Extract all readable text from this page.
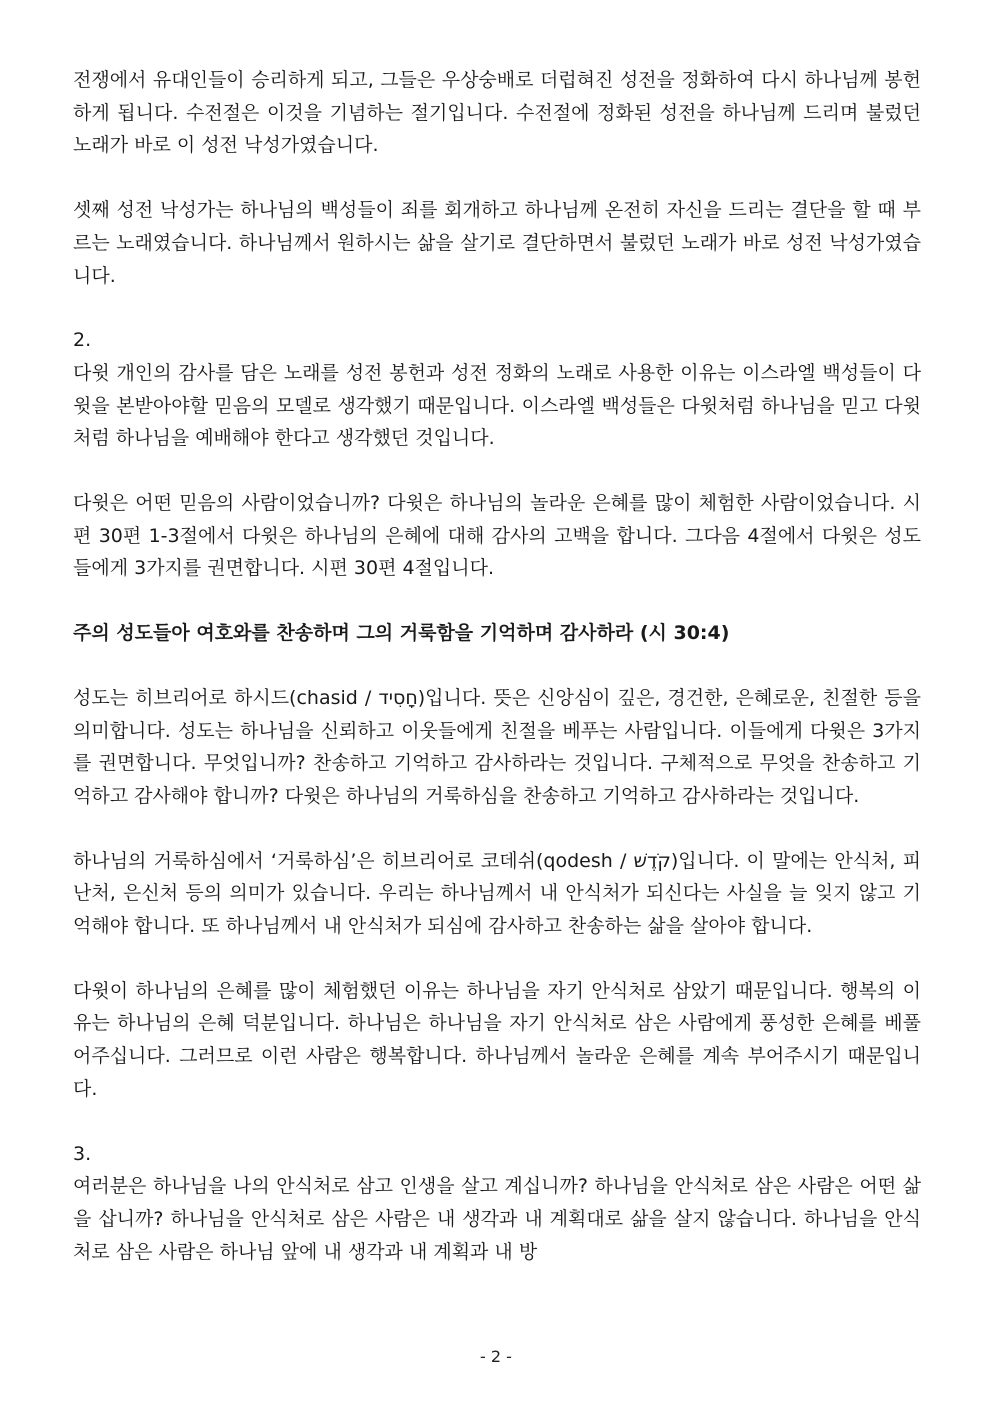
전쟁에서 유대인들이 승리하게 되고, 그들은 우상숭배로 더럽혀진 성전을 정화하여 다시 하나님께 봉헌하게 됩니다. 수전절은 이것을 기념하는 절기입니다. 수전절에 정화된 성전을 하나님께 드리며 불렀던 노래가 바로 이 성전 낙성가였습니다.

셋째 성전 낙성가는 하나님의 백성들이 죄를 회개하고 하나님께 온전히 자신을 드리는 결단을 할 때 부르는 노래였습니다. 하나님께서 원하시는 삶을 살기로 결단하면서 불렀던 노래가 바로 성전 낙성가였습니다.

2.

다윗 개인의 감사를 담은 노래를 성전 봉헌과 성전 정화의 노래로 사용한 이유는 이스라엘 백성들이 다윗을 본받아야할 믿음의 모델로 생각했기 때문입니다. 이스라엘 백성들은 다윗처럼 하나님을 믿고 다윗처럼 하나님을 예배해야 한다고 생각했던 것입니다.

다윗은 어떤 믿음의 사람이었습니까? 다윗은 하나님의 놀라운 은혜를 많이 체험한 사람이었습니다. 시편 30편 1-3절에서 다윗은 하나님의 은혜에 대해 감사의 고백을 합니다. 그다음 4절에서 다윗은 성도들에게 3가지를 권면합니다. 시편 30편 4절입니다.

주의 성도들아 여호와를 찬송하며 그의 거룩함을 기억하며 감사하라 (시 30:4)

성도는 히브리어로 하시드(chasid / חָסִיד)입니다. 뜻은 신앙심이 깊은, 경건한, 은혜로운, 친절한 등을 의미합니다. 성도는 하나님을 신뢰하고 이웃들에게 친절을 베푸는 사람입니다. 이들에게 다윗은 3가지를 권면합니다. 무엇입니까? 찬송하고 기억하고 감사하라는 것입니다. 구체적으로 무엇을 찬송하고 기억하고 감사해야 합니까? 다윗은 하나님의 거룩하심을 찬송하고 기억하고 감사하라는 것입니다.

하나님의 거룩하심에서 ‘거룩하심’은 히브리어로 코데쉬(qodesh / קֹדֶשׁ)입니다. 이 말에는 안식처, 피난처, 은신처 등의 의미가 있습니다. 우리는 하나님께서 내 안식처가 되신다는 사실을 늘 잊지 않고 기억해야 합니다. 또 하나님께서 내 안식처가 되심에 감사하고 찬송하는 삶을 살아야 합니다.

다윗이 하나님의 은혜를 많이 체험했던 이유는 하나님을 자기 안식처로 삼았기 때문입니다. 행복의 이유는 하나님의 은혜 덕분입니다. 하나님은 하나님을 자기 안식처로 삼은 사람에게 풍성한 은혜를 베풀어주십니다. 그러므로 이런 사람은 행복합니다. 하나님께서 놀라운 은혜를 계속 부어주시기 때문입니다.

3.

여러분은 하나님을 나의 안식처로 삼고 인생을 살고 계십니까? 하나님을 안식처로 삼은 사람은 어떤 삶을 삽니까? 하나님을 안식처로 삼은 사람은 내 생각과 내 계획대로 삶을 살지 않습니다. 하나님을 안식처로 삼은 사람은 하나님 앞에 내 생각과 내 계획과 내 방

- 2 -
